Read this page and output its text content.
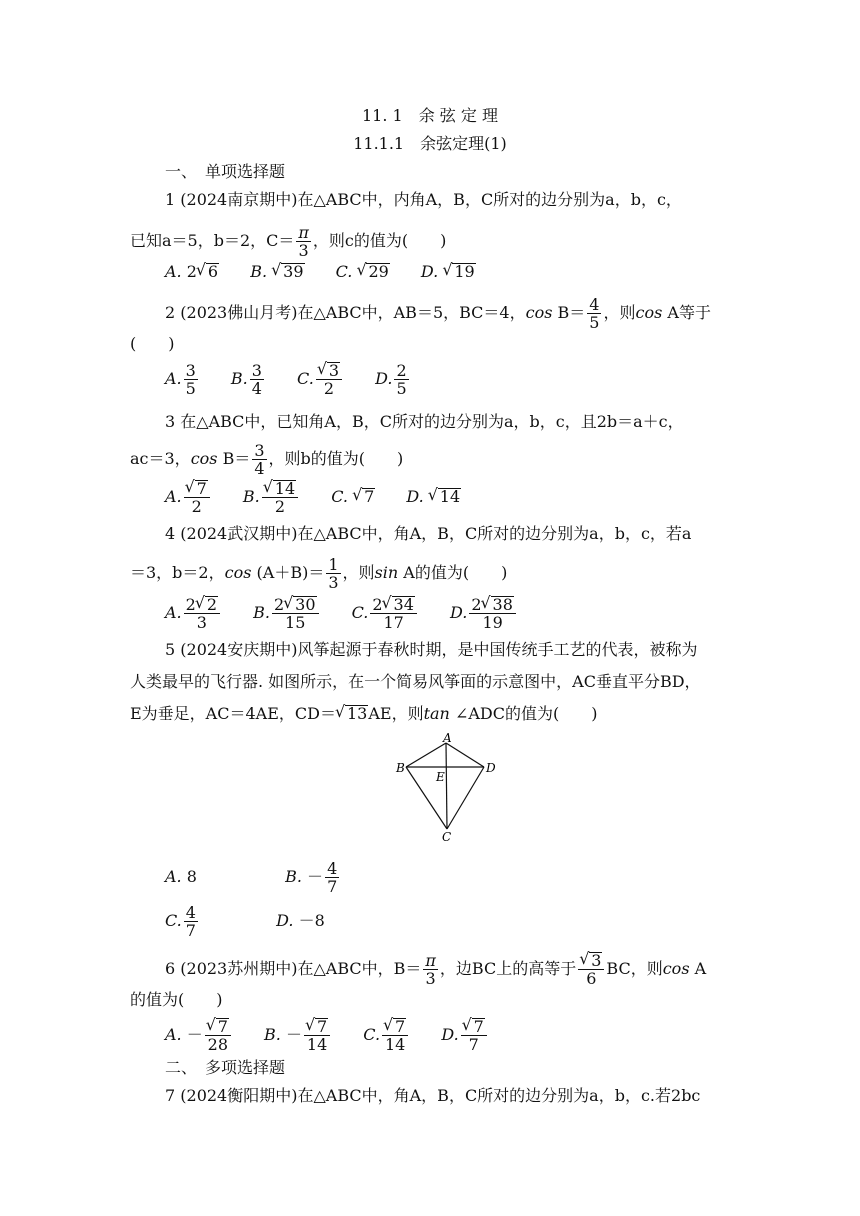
11. 1　余 弦 定 理
11.1.1　余弦定理(1)
一、　单项选择题
1 (2024南京期中)在△ABC中，内角A，B，C所对的边分别为a，b，c，
已知a＝5，b＝2，$C= \frac{\pi}{3}$ ，则c的值为(　　)
A. 2 √ 6 B. √ 39 C. √ 29 D. √ 19
2 (2023佛山月考)在△ABC中，AB＝5，BC＝4，$\cos B= \frac{4}{5}$ ，则cos A等于
(　　)
A. $\frac{3}{5} B$. $\frac{3}{4} C$. √ $\frac{3}{2} D$. $\frac{2}{5}$
3 在△ABC中，已知角A，B，C所对的边分别为a，b，c，且2b＝a＋c，
ac＝3，$\cos B= \frac{3}{4}$ ，则b的值为(　　)
A. √ $\frac{7}{2} B$. √ $\frac{14}{2} C$. √ 7 D. √ 14
4 (2024武汉期中)在△ABC中，角A，B，C所对的边分别为a，b，c，若a
＝3，b＝2，$\cos (A+B)= \frac{1}{3}$ ，则sin A的值为(　　)
A. $\frac{2 √ 2}{3} B$. $\frac{2 √ 30}{15} C$. $\frac{2 √ 34}{17} D$. $\frac{2 √ 38}{19}$
5 (2024安庆期中)风筝起源于春秋时期，是中国传统手工艺的代表，被称为
人类最早的飞行器. 如图所示，在一个简易风筝面的示意图中，AC垂直平分BD，
E为垂足，AC＝4AE，CD＝ √ 13AE，则tan ∠ADC的值为(　　)
A
B	D
E
C
A. 8	B. － $\frac{4}{7}$
C. $\frac{4}{7}$	D. －8
6 (2023苏州期中)在△ABC中，$B= \frac{\pi}{3}$ ，边BC上的高等于 √ $\frac{3}{6}$ BC，则cos A
的值为(　　)
A. － √ $\frac{7}{28} B$. － √ $\frac{7}{14} C$. √ $\frac{7}{14} D$. √ $\frac{7}{7}$
二、　多项选择题
7 (2024衡阳期中)在△ABC中，角A，B，C所对的边分别为a，b，c.若2bc
